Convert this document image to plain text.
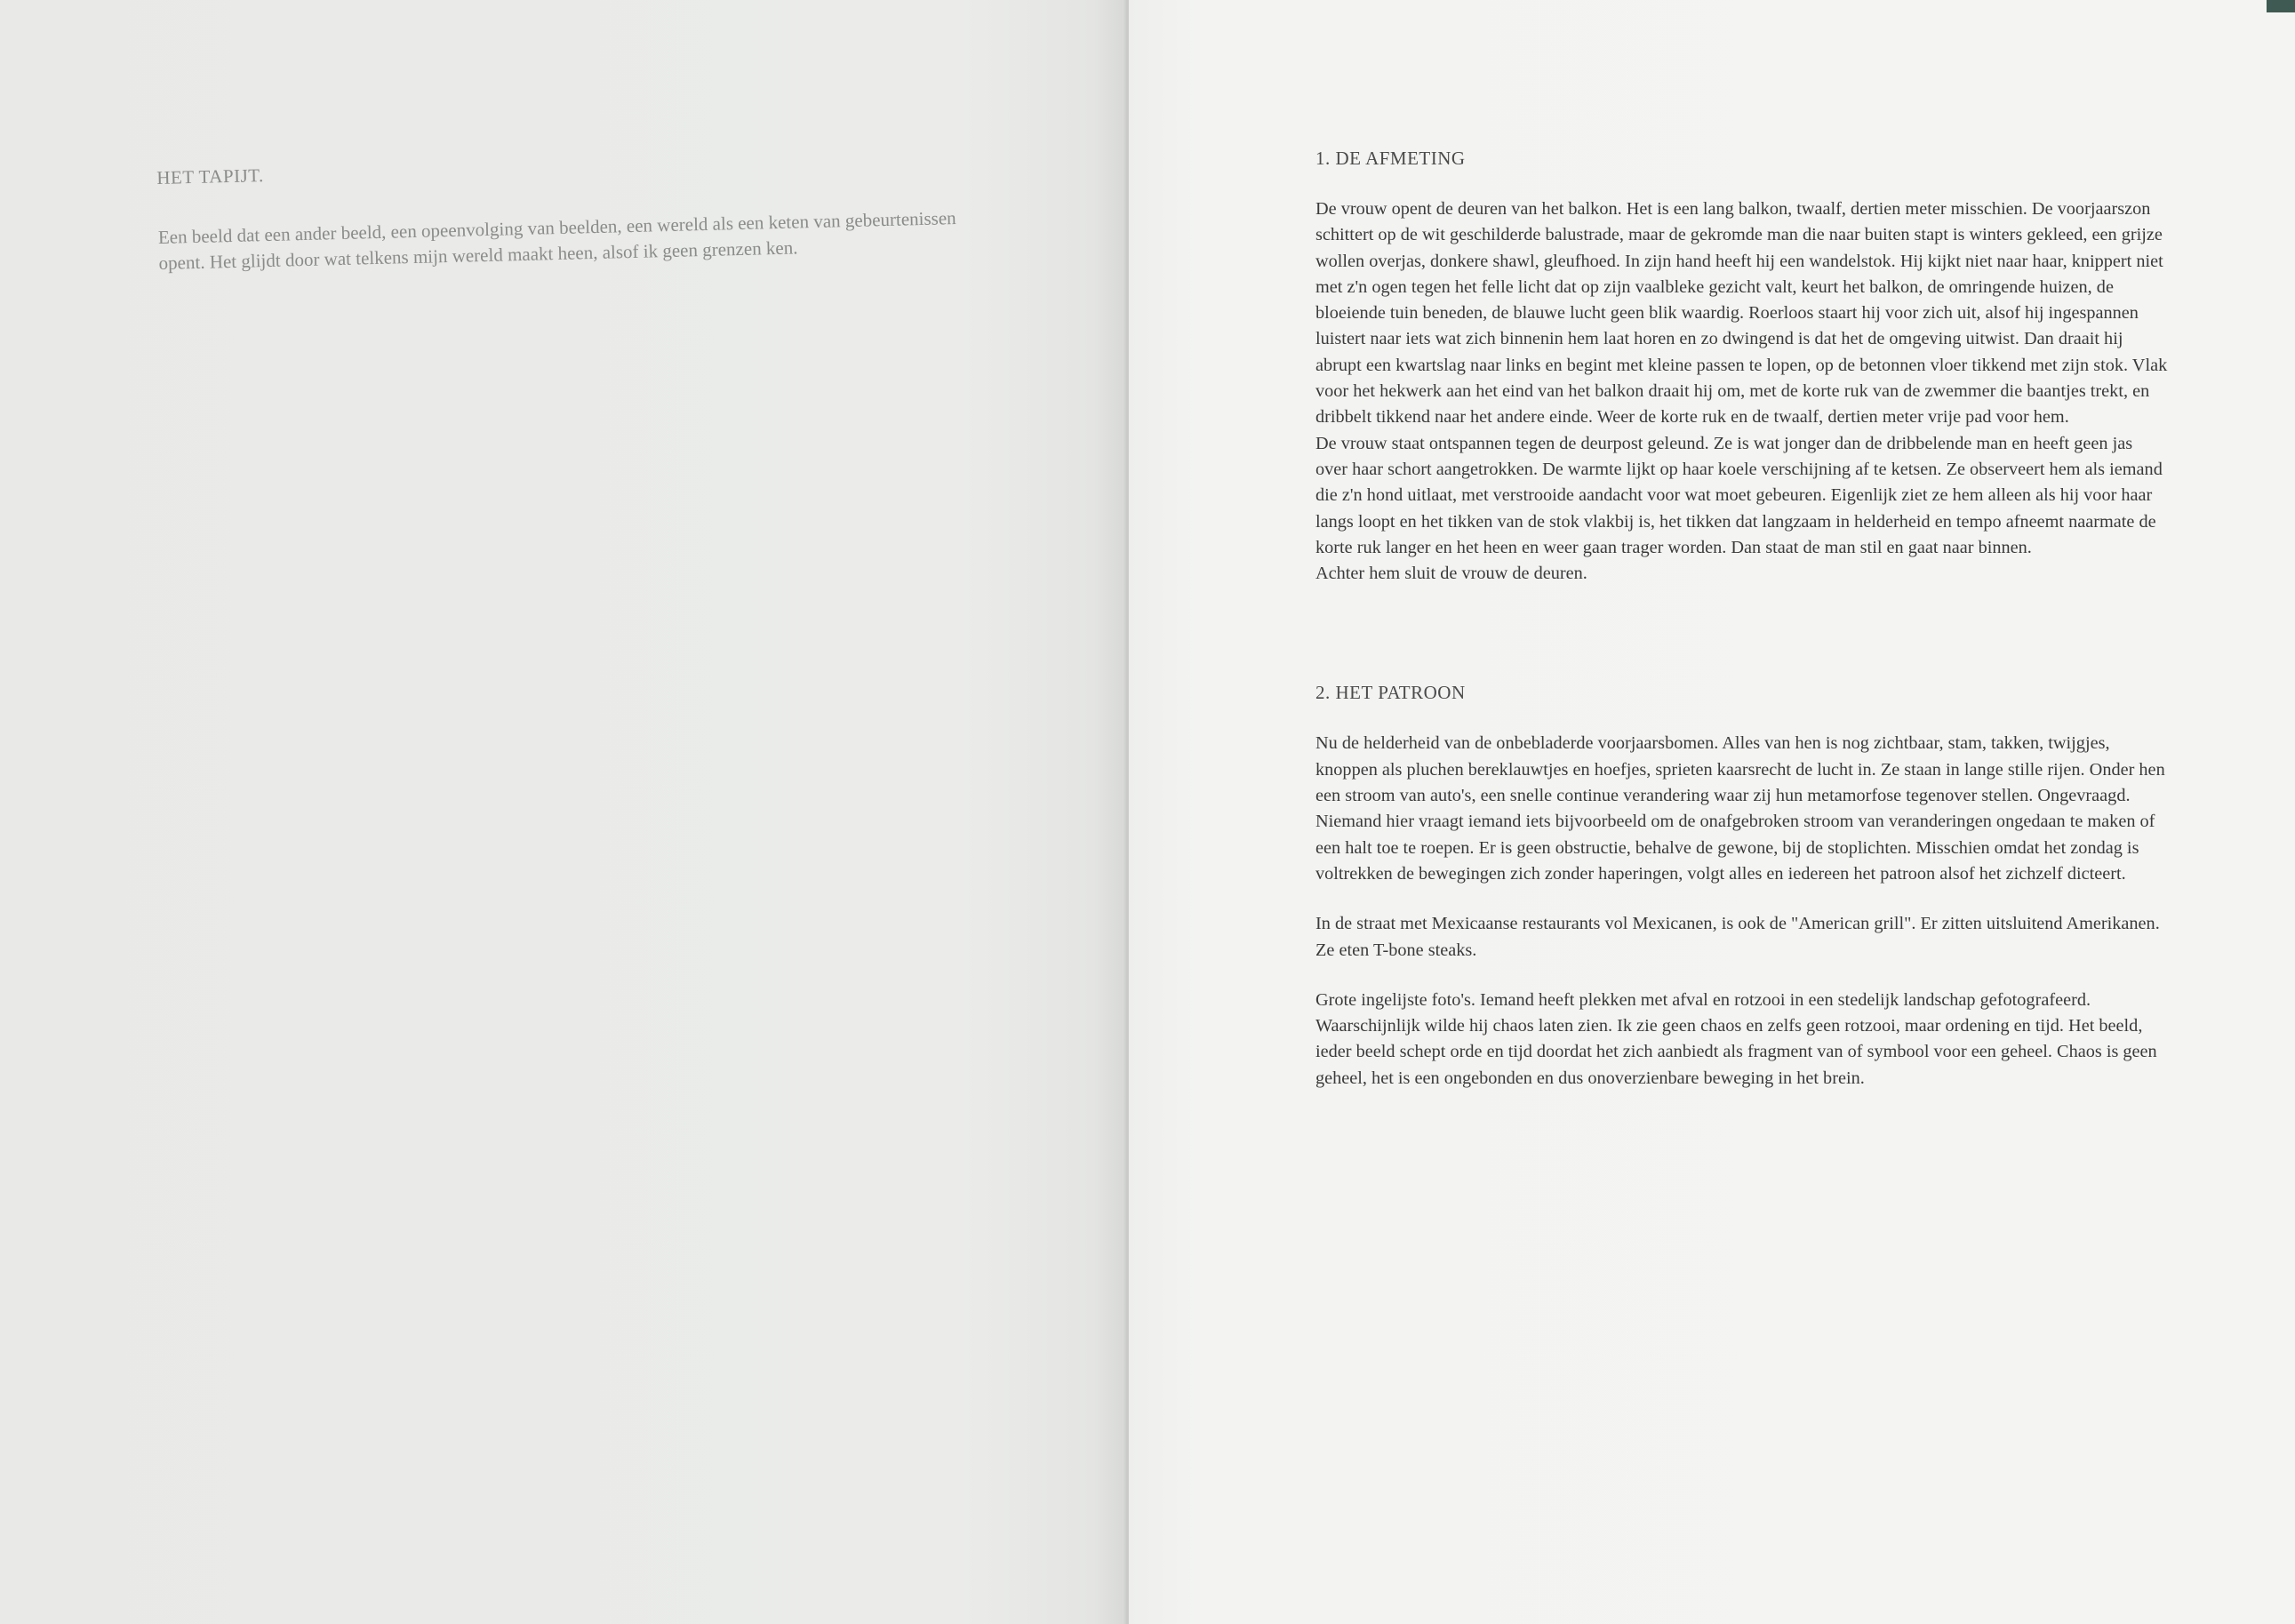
HET TAPIJT.

Een beeld dat een ander beeld, een opeenvolging van beelden, een wereld als een keten van gebeurtenissen opent. Het glijdt door wat telkens mijn wereld maakt heen, alsof ik geen grenzen ken.

1. DE AFMETING

De vrouw opent de deuren van het balkon. Het is een lang balkon, twaalf, dertien meter misschien. De voorjaarszon schittert op de wit geschilderde balustrade, maar de gekromde man die naar buiten stapt is winters gekleed, een grijze wollen overjas, donkere shawl, gleufhoed. In zijn hand heeft hij een wandelstok. Hij kijkt niet naar haar, knippert niet met z'n ogen tegen het felle licht dat op zijn vaalbleke gezicht valt, keurt het balkon, de omringende huizen, de bloeiende tuin beneden, de blauwe lucht geen blik waardig. Roerloos staart hij voor zich uit, alsof hij ingespannen luistert naar iets wat zich binnenin hem laat horen en zo dwingend is dat het de omgeving uitwist. Dan draait hij abrupt een kwartslag naar links en begint met kleine passen te lopen, op de betonnen vloer tikkend met zijn stok. Vlak voor het hekwerk aan het eind van het balkon draait hij om, met de korte ruk van de zwemmer die baantjes trekt, en dribbelt tikkend naar het andere einde. Weer de korte ruk en de twaalf, dertien meter vrije pad voor hem.

De vrouw staat ontspannen tegen de deurpost geleund. Ze is wat jonger dan de dribbelende man en heeft geen jas over haar schort aangetrokken. De warmte lijkt op haar koele verschijning af te ketsen. Ze observeert hem als iemand die z'n hond uitlaat, met verstrooide aandacht voor wat moet gebeuren. Eigenlijk ziet ze hem alleen als hij voor haar langs loopt en het tikken van de stok vlakbij is, het tikken dat langzaam in helderheid en tempo afneemt naarmate de korte ruk langer en het heen en weer gaan trager worden. Dan staat de man stil en gaat naar binnen.

Achter hem sluit de vrouw de deuren.

2. HET PATROON

Nu de helderheid van de onbebladerde voorjaarsbomen. Alles van hen is nog zichtbaar, stam, takken, twijgjes, knoppen als pluchen bereklauwtjes en hoefjes, sprieten kaarsrecht de lucht in. Ze staan in lange stille rijen. Onder hen een stroom van auto's, een snelle continue verandering waar zij hun metamorfose tegenover stellen. Ongevraagd. Niemand hier vraagt iemand iets bijvoorbeeld om de onafgebroken stroom van veranderingen ongedaan te maken of een halt toe te roepen. Er is geen obstructie, behalve de gewone, bij de stoplichten. Misschien omdat het zondag is voltrekken de bewegingen zich zonder haperingen, volgt alles en iedereen het patroon alsof het zichzelf dicteert.

In de straat met Mexicaanse restaurants vol Mexicanen, is ook de "American grill". Er zitten uitsluitend Amerikanen. Ze eten T-bone steaks.

Grote ingelijste foto's. Iemand heeft plekken met afval en rotzooi in een stedelijk landschap gefotografeerd. Waarschijnlijk wilde hij chaos laten zien. Ik zie geen chaos en zelfs geen rotzooi, maar ordening en tijd. Het beeld, ieder beeld schept orde en tijd doordat het zich aanbiedt als fragment van of symbool voor een geheel. Chaos is geen geheel, het is een ongebonden en dus onoverzienbare beweging in het brein.
